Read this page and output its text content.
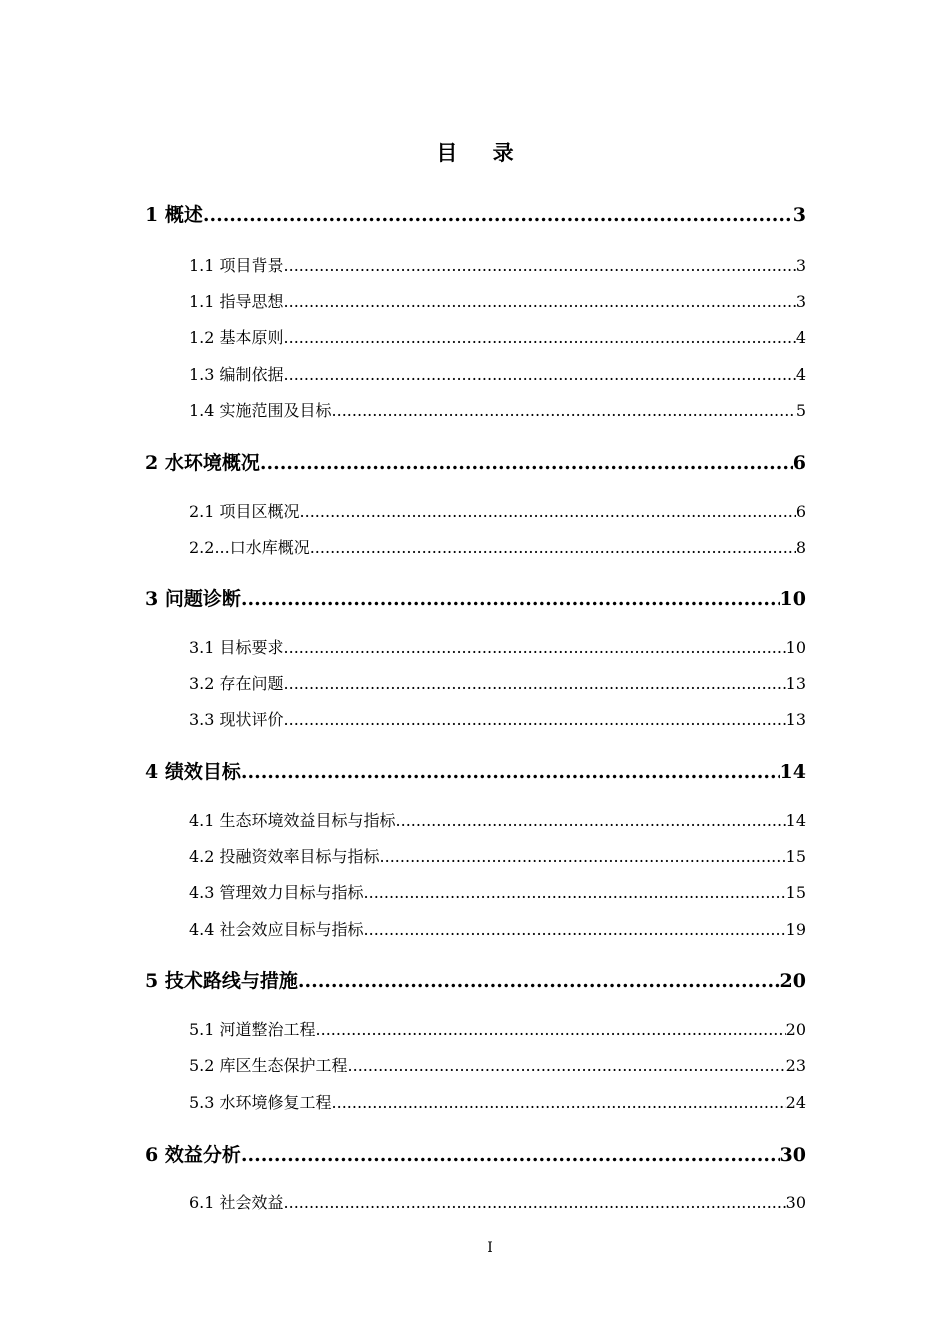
目 录
1 概述 .....	3
1.1 项目背景 .....	3
1.1 指导思想 .....	3
1.2 基本原则 .....	4
1.3 编制依据 .....	4
1.4 实施范围及目标 .....	5
2 水环境概况 .....	6
2.1 项目区概况 .....	6
2.2...口水库概况 .....	8
3 问题诊断 .....	10
3.1 目标要求 .....	10
3.2 存在问题 .....	13
3.3 现状评价 .....	13
4 绩效目标 .....	14
4.1 生态环境效益目标与指标 .....	14
4.2 投融资效率目标与指标 .....	15
4.3 管理效力目标与指标 .....	15
4.4 社会效应目标与指标 .....	19
5 技术路线与措施 .....	20
5.1 河道整治工程 .....	20
5.2 库区生态保护工程 .....	23
5.3 水环境修复工程 .....	24
6 效益分析 .....	30
6.1 社会效益 .....	30
I
